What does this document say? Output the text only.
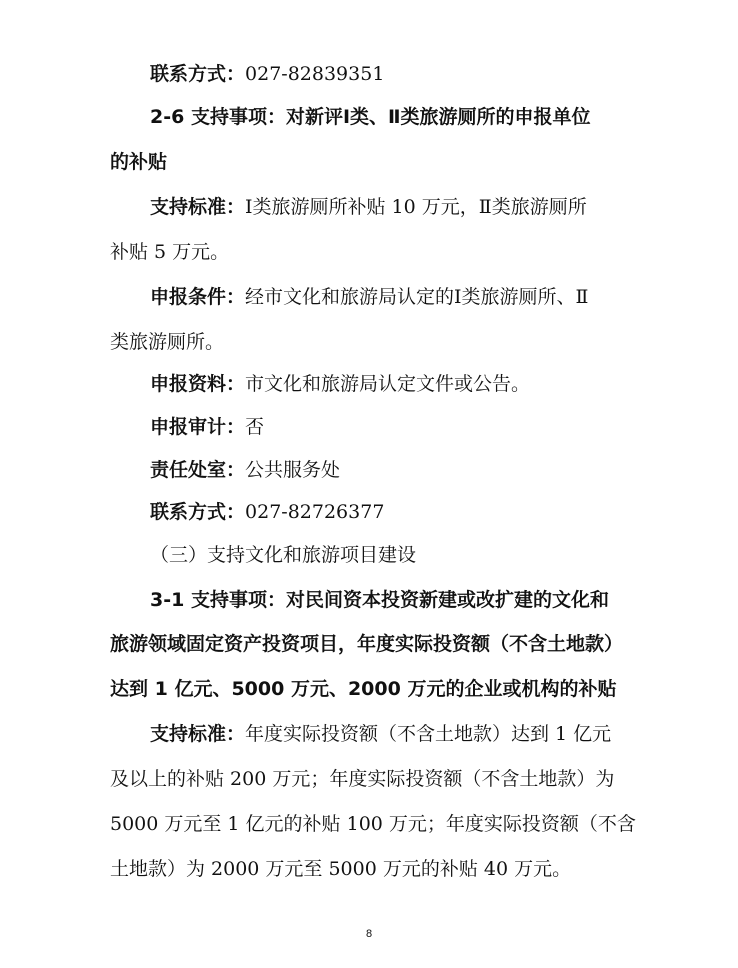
联系方式：027-82839351
2-6 支持事项：对新评Ⅰ类、Ⅱ类旅游厕所的申报单位
的补贴
支持标准：Ⅰ类旅游厕所补贴 10 万元，Ⅱ类旅游厕所
补贴 5 万元。
申报条件：经市文化和旅游局认定的Ⅰ类旅游厕所、Ⅱ
类旅游厕所。
申报资料：市文化和旅游局认定文件或公告。
申报审计：否
责任处室：公共服务处
联系方式：027-82726377
（三）支持文化和旅游项目建设
3-1 支持事项：对民间资本投资新建或改扩建的文化和
旅游领域固定资产投资项目，年度实际投资额（不含土地款）
达到 1 亿元、5000 万元、2000 万元的企业或机构的补贴
支持标准：年度实际投资额（不含土地款）达到 1 亿元
及以上的补贴 200 万元；年度实际投资额（不含土地款）为
5000 万元至 1 亿元的补贴 100 万元；年度实际投资额（不含
土地款）为 2000 万元至 5000 万元的补贴 40 万元。
8
